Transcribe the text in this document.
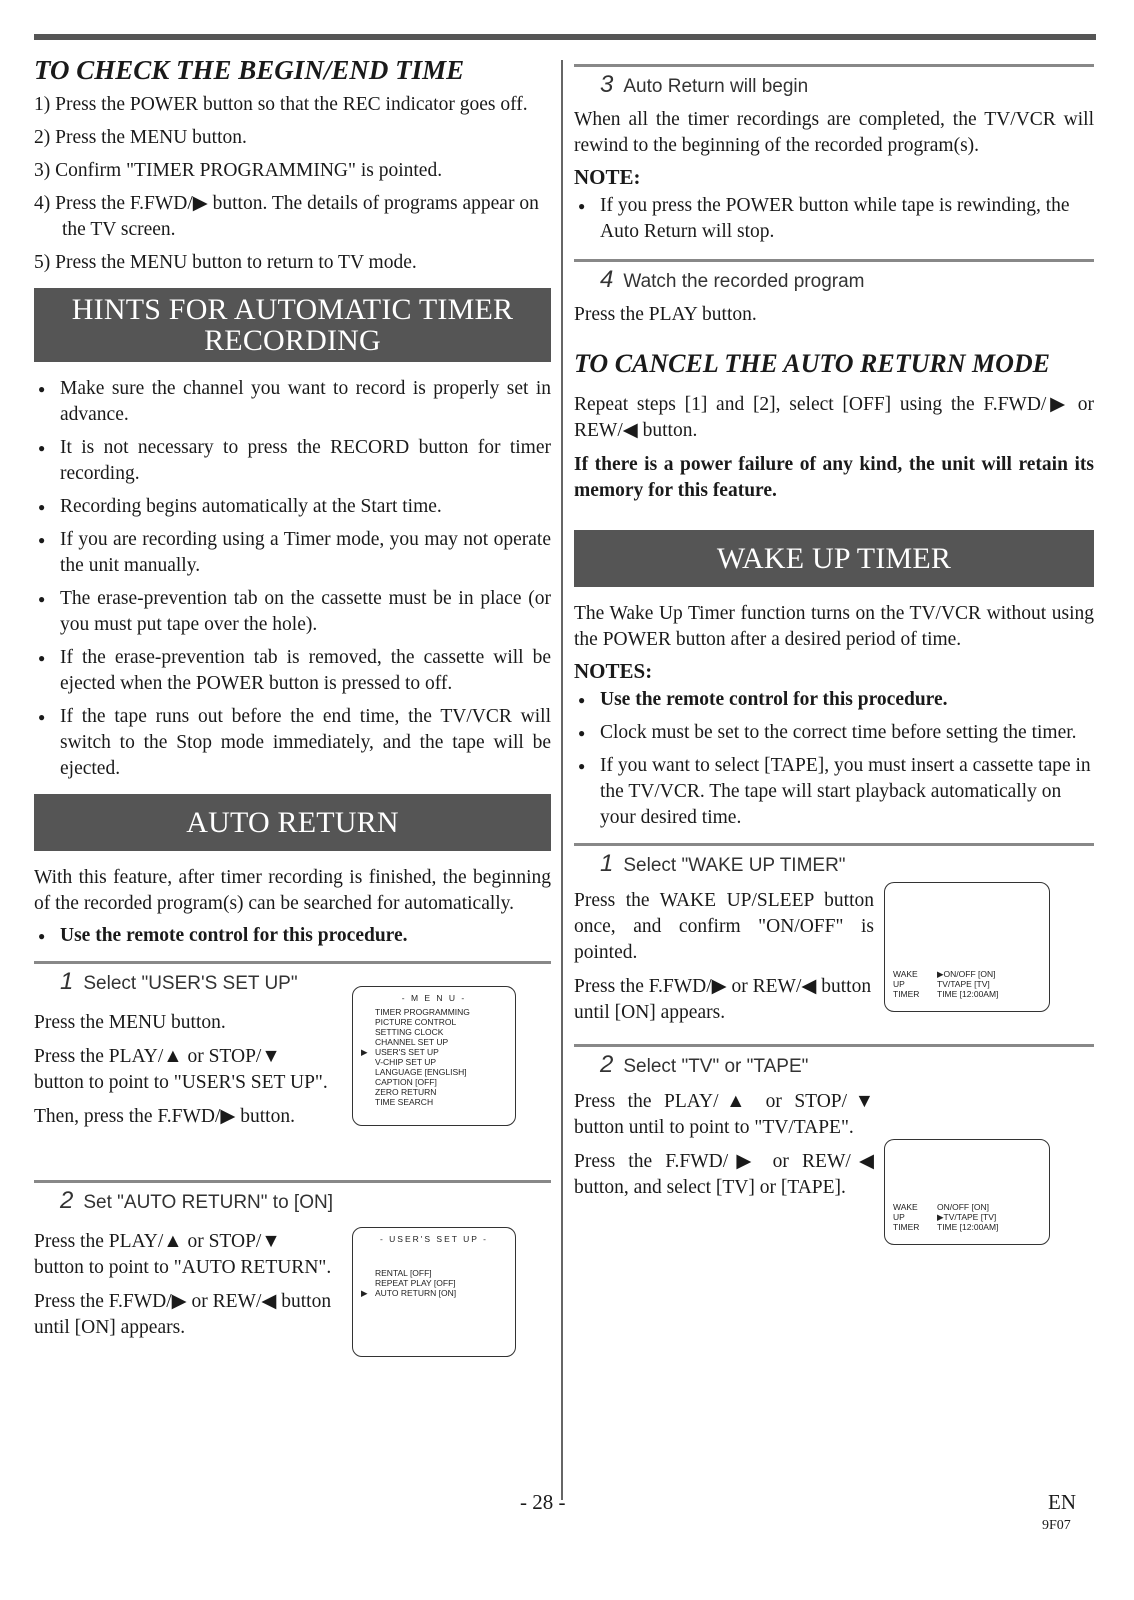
TO CHECK THE BEGIN/END TIME
1) Press the POWER button so that the REC indicator goes off.
2) Press the MENU button.
3) Confirm "TIMER PROGRAMMING" is pointed.
4) Press the F.FWD/▶ button. The details of programs appear on the TV screen.
5) Press the MENU button to return to TV mode.
HINTS FOR AUTOMATIC TIMER RECORDING
● Make sure the channel you want to record is properly set in advance.
● It is not necessary to press the RECORD button for timer recording.
● Recording begins automatically at the Start time.
● If you are recording using a Timer mode, you may not operate the unit manually.
● The erase-prevention tab on the cassette must be in place (or you must put tape over the hole).
● If the erase-prevention tab is removed, the cassette will be ejected when the POWER button is pressed to off.
● If the tape runs out before the end time, the TV/VCR will switch to the Stop mode immediately, and the tape will be ejected.
AUTO RETURN

With this feature, after timer recording is finished, the beginning of the recorded program(s) can be searched for automatically.

● Use the remote control for this procedure.
1 Select "USER'S SET UP"

Press the MENU button.

Press the PLAY/▲ or STOP/▼ button to point to "USER'S SET UP".

Then, press the F.FWD/▶ button.

- M E N U -
TIMER PROGRAMMING
PICTURE CONTROL
SETTING CLOCK
CHANNEL SET UP
▶ USER'S SET UP
V-CHIP SET UP
LANGUAGE [ENGLISH]
CAPTION [OFF]
ZERO RETURN
TIME SEARCH
2 Set "AUTO RETURN" to [ON]

Press the PLAY/▲ or STOP/▼ button to point to "AUTO RETURN".

Press the F.FWD/▶ or REW/◀ button until [ON] appears.

- USER'S SET UP -
RENTAL [OFF]
REPEAT PLAY [OFF]
▶ AUTO RETURN [ON]
3 Auto Return will begin

When all the timer recordings are completed, the TV/VCR will rewind to the beginning of the recorded program(s).

NOTE:
● If you press the POWER button while tape is rewinding, the Auto Return will stop.
4 Watch the recorded program

Press the PLAY button.

TO CANCEL THE AUTO RETURN MODE

Repeat steps [1] and [2], select [OFF] using the F.FWD/▶ or REW/◀ button.

If there is a power failure of any kind, the unit will retain its memory for this feature.

WAKE UP TIMER

The Wake Up Timer function turns on the TV/VCR without using the POWER button after a desired period of time.

NOTES:
● Use the remote control for this procedure.
● Clock must be set to the correct time before setting the timer.
● If you want to select [TAPE], you must insert a cassette tape in the TV/VCR. The tape will start playback automatically on your desired time.
1 Select "WAKE UP TIMER"

Press the WAKE UP/SLEEP button once, and confirm "ON/OFF" is pointed.

Press the F.FWD/▶ or REW/◀ button until [ON] appears.

WAKE UP TIMER
▶ON/OFF [ON]
TV/TAPE [TV]
TIME [12:00AM]
2 Select "TV" or "TAPE"

Press the PLAY/▲ or STOP/▼ button until to point to "TV/TAPE".

Press the F.FWD/▶ or REW/◀ button, and select [TV] or [TAPE].

WAKE UP TIMER
ON/OFF [ON]
▶TV/TAPE [TV]
TIME [12:00AM]
- 28 -	EN
9F07
